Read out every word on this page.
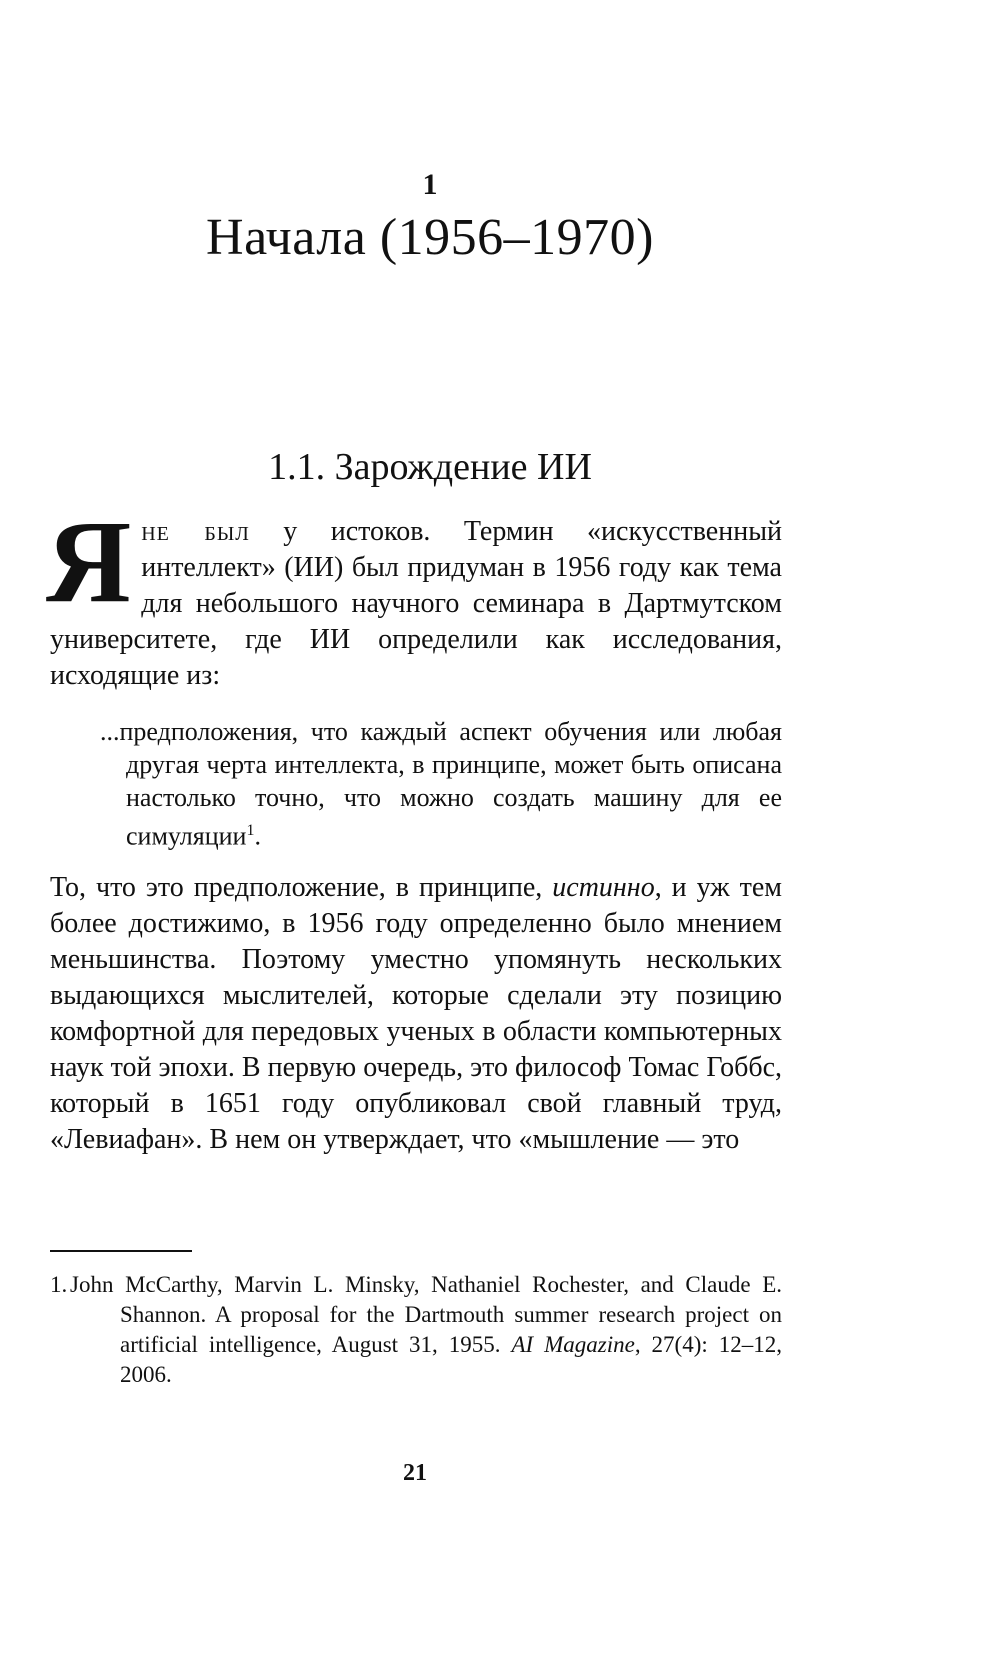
1
Начала (1956–1970)
1.1. Зарождение ИИ
Яне был у истоков. Термин «искусственный интеллект» (ИИ) был придуман в 1956 году как тема для небольшого научного семинара в Дартмутском университете, где ИИ определили как исследования, исходящие из:
...предположения, что каждый аспект обучения или любая другая черта интеллекта, в принципе, может быть описана настолько точно, что можно создать машину для ее симуляции$^1$.
То, что это предположение, в принципе, истинно, и уж тем более достижимо, в 1956 году определенно было мнением меньшинства. Поэтому уместно упомянуть нескольких выдающихся мыслителей, которые сделали эту позицию комфортной для передовых ученых в области компьютерных наук той эпохи. В первую очередь, это философ Томас Гоббс, который в 1651 году опубликовал свой главный труд, «Левиафан». В нем он утверждает, что «мышление — это
1. John McCarthy, Marvin L. Minsky, Nathaniel Rochester, and Claude E. Shannon. A proposal for the Dartmouth summer research project on artificial intelligence, August 31, 1955. AI Magazine, 27(4): 12–12, 2006.
21
